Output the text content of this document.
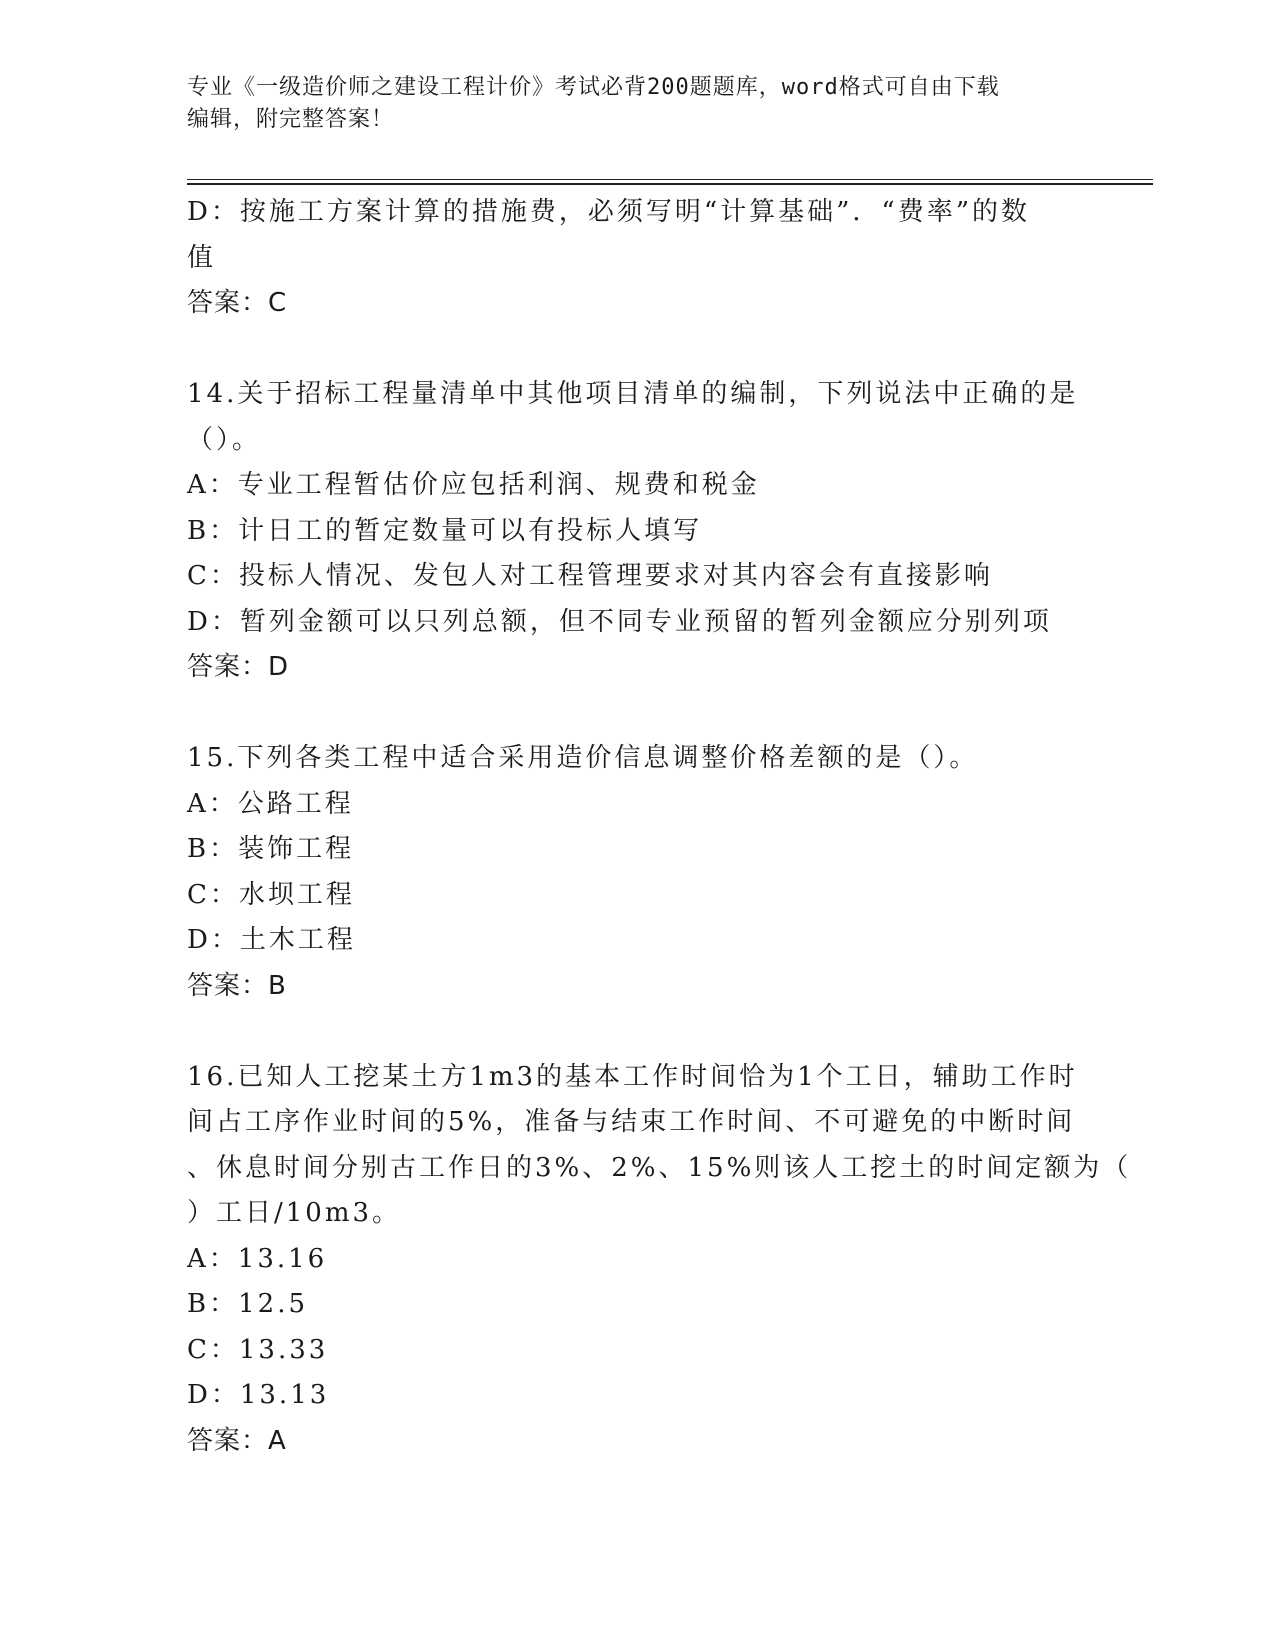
专业《一级造价师之建设工程计价》考试必背200题题库，word格式可自由下载
编辑，附完整答案！
D：按施工方案计算的措施费，必须写明“计算基础”．“费率”的数
值
答案：C
14.关于招标工程量清单中其他项目清单的编制，下列说法中正确的是
（）。
A：专业工程暂估价应包括利润、规费和税金
B：计日工的暂定数量可以有投标人填写
C：投标人情况、发包人对工程管理要求对其内容会有直接影响
D：暂列金额可以只列总额，但不同专业预留的暂列金额应分别列项
答案：D
15.下列各类工程中适合采用造价信息调整价格差额的是（）。
A：公路工程
B：装饰工程
C：水坝工程
D：土木工程
答案：B
16.已知人工挖某土方1m3的基本工作时间恰为1个工日，辅助工作时
间占工序作业时间的5%，准备与结束工作时间、不可避免的中断时间
、休息时间分别古工作日的3%、2%、15%则该人工挖土的时间定额为（
）工日/10m3。
A：13.16
B：12.5
C：13.33
D：13.13
答案：A
